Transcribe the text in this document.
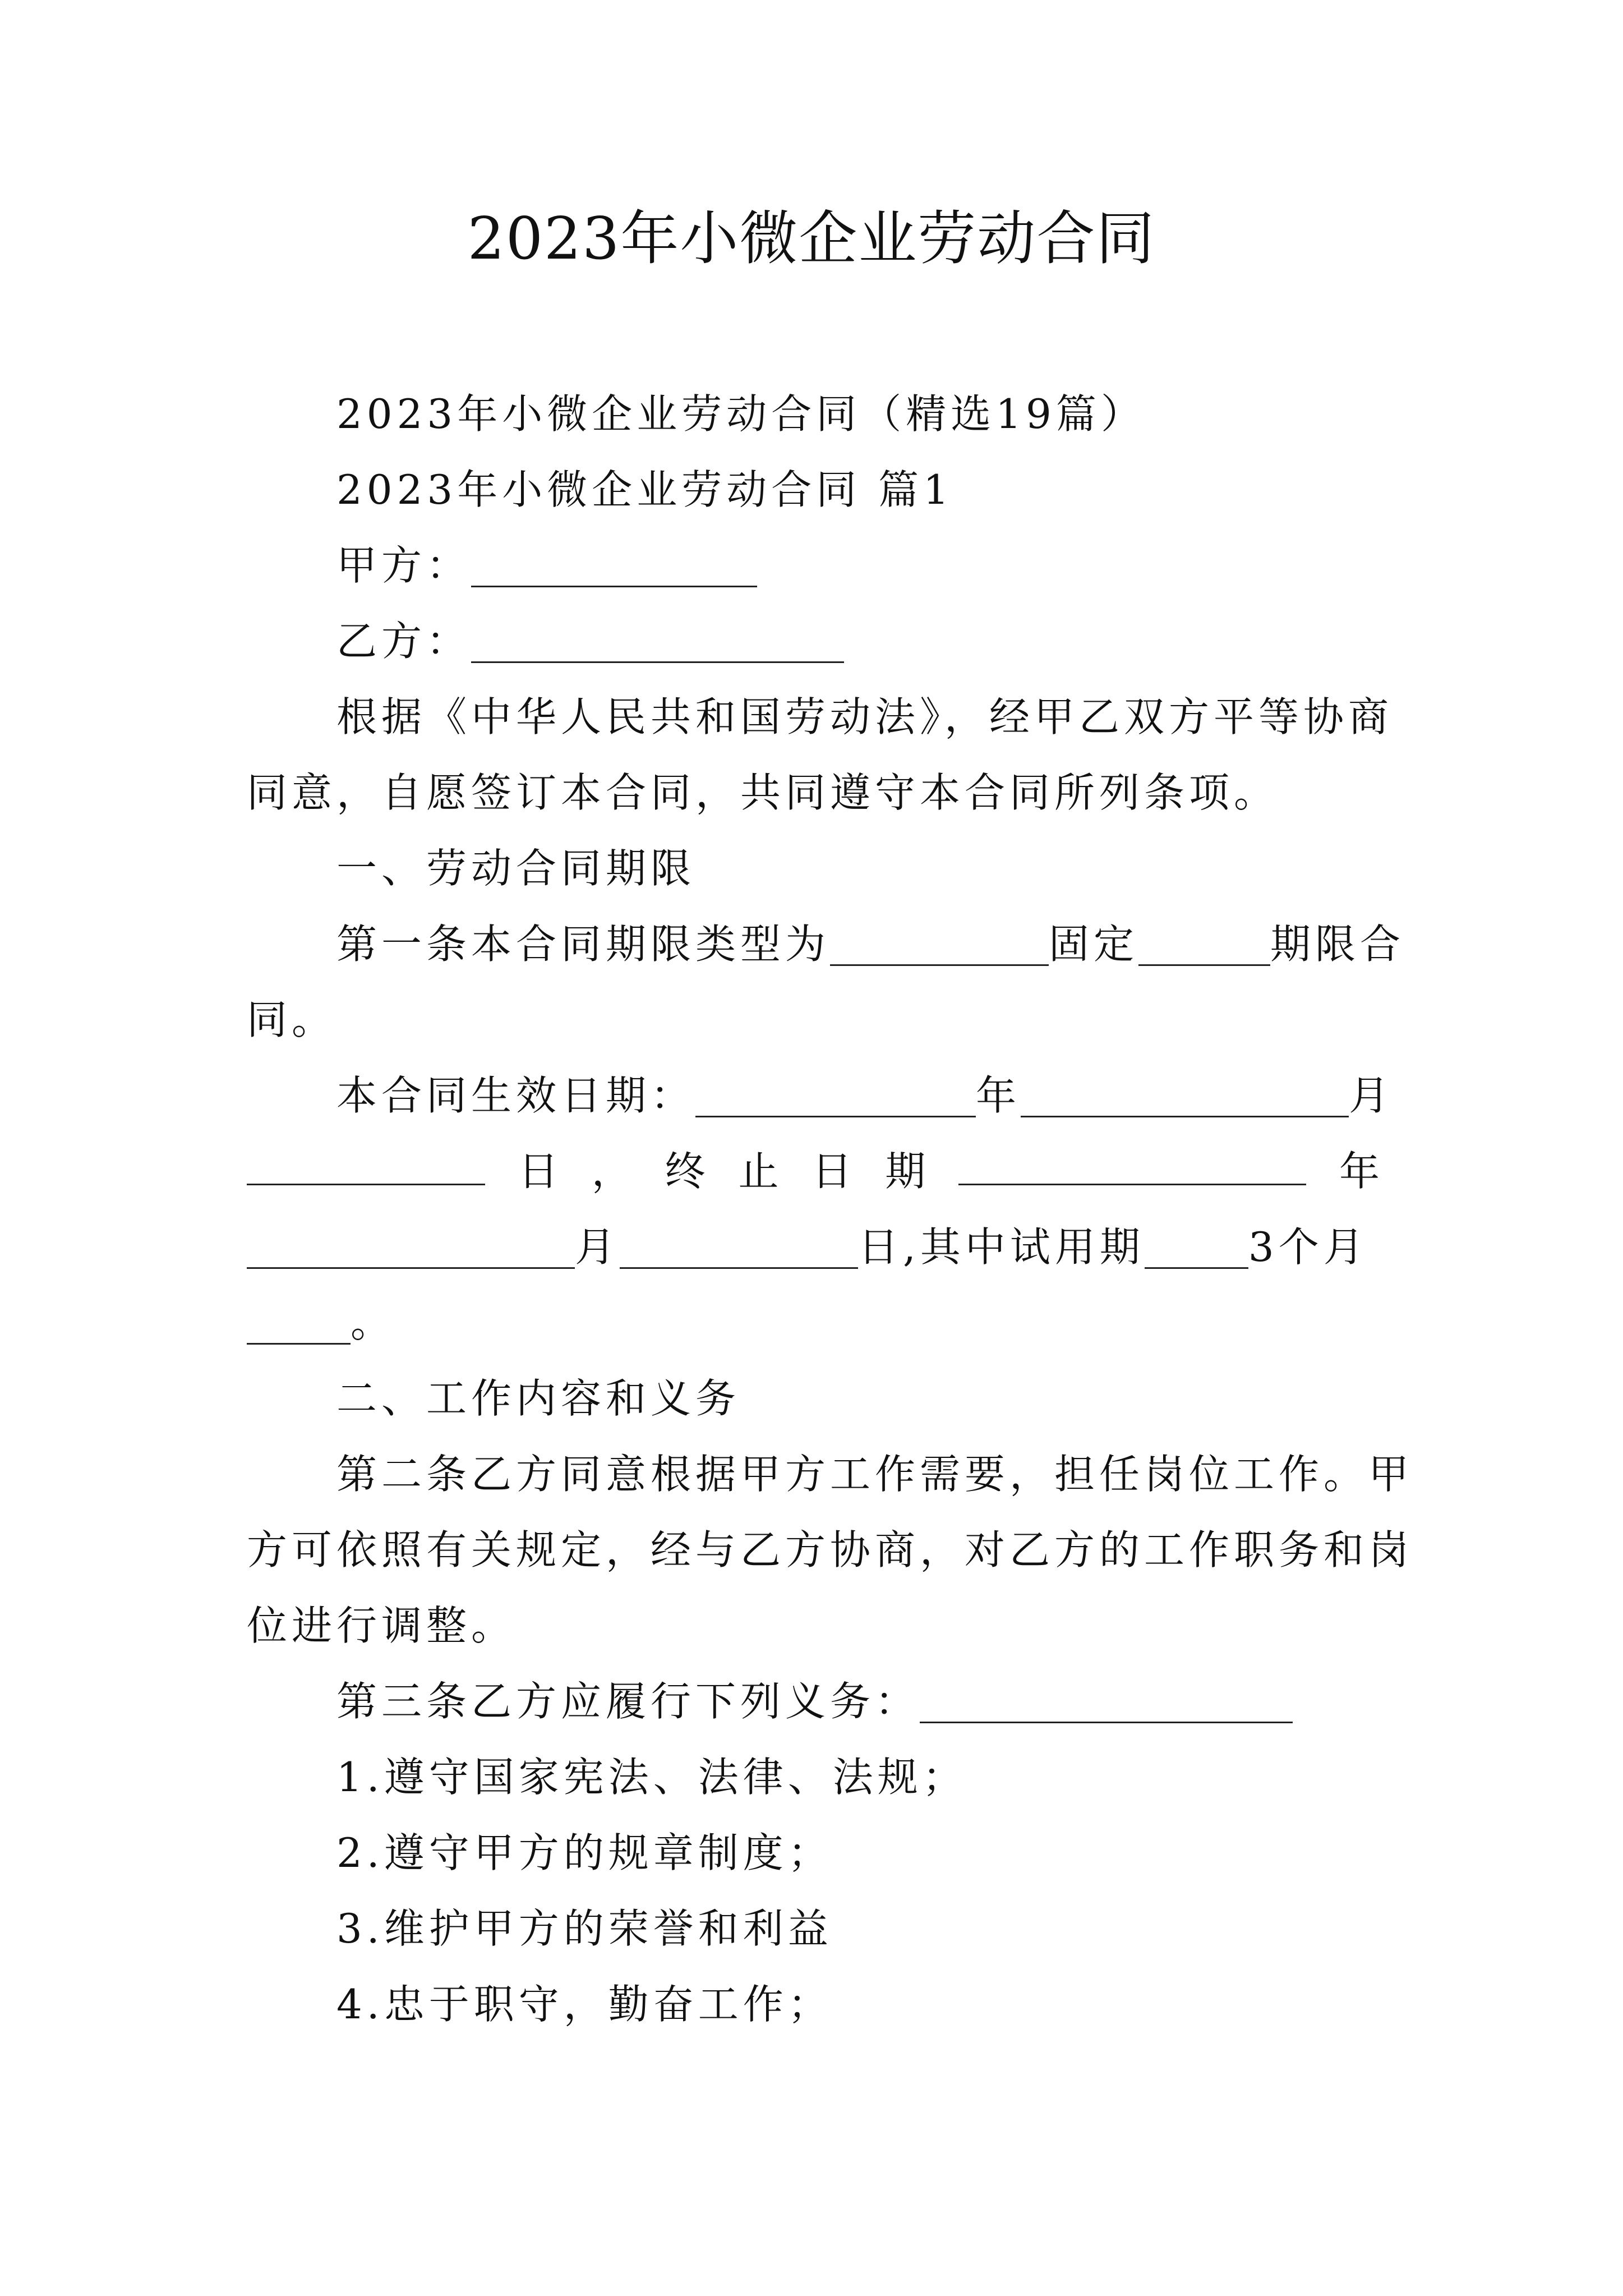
2023年小微企业劳动合同
2023年小微企业劳动合同（精选19篇）
2023年小微企业劳动合同 篇1
甲方：
乙方：
根据《中华人民共和国劳动法》，经甲乙双方平等协商
同意，自愿签订本合同，共同遵守本合同所列条项。
一、劳动合同期限
第一条本合同期限类型为	固定	期限合
同。
本合同生效日期：	年	月
日 ， 终 止 日 期	年
月	日,其中试用期	3个月
。
二、工作内容和义务
第二条乙方同意根据甲方工作需要，担任岗位工作。甲
方可依照有关规定，经与乙方协商，对乙方的工作职务和岗
位进行调整。
第三条乙方应履行下列义务：
1.遵守国家宪法、法律、法规；
2.遵守甲方的规章制度；
3.维护甲方的荣誉和利益
4.忠于职守，勤奋工作；
